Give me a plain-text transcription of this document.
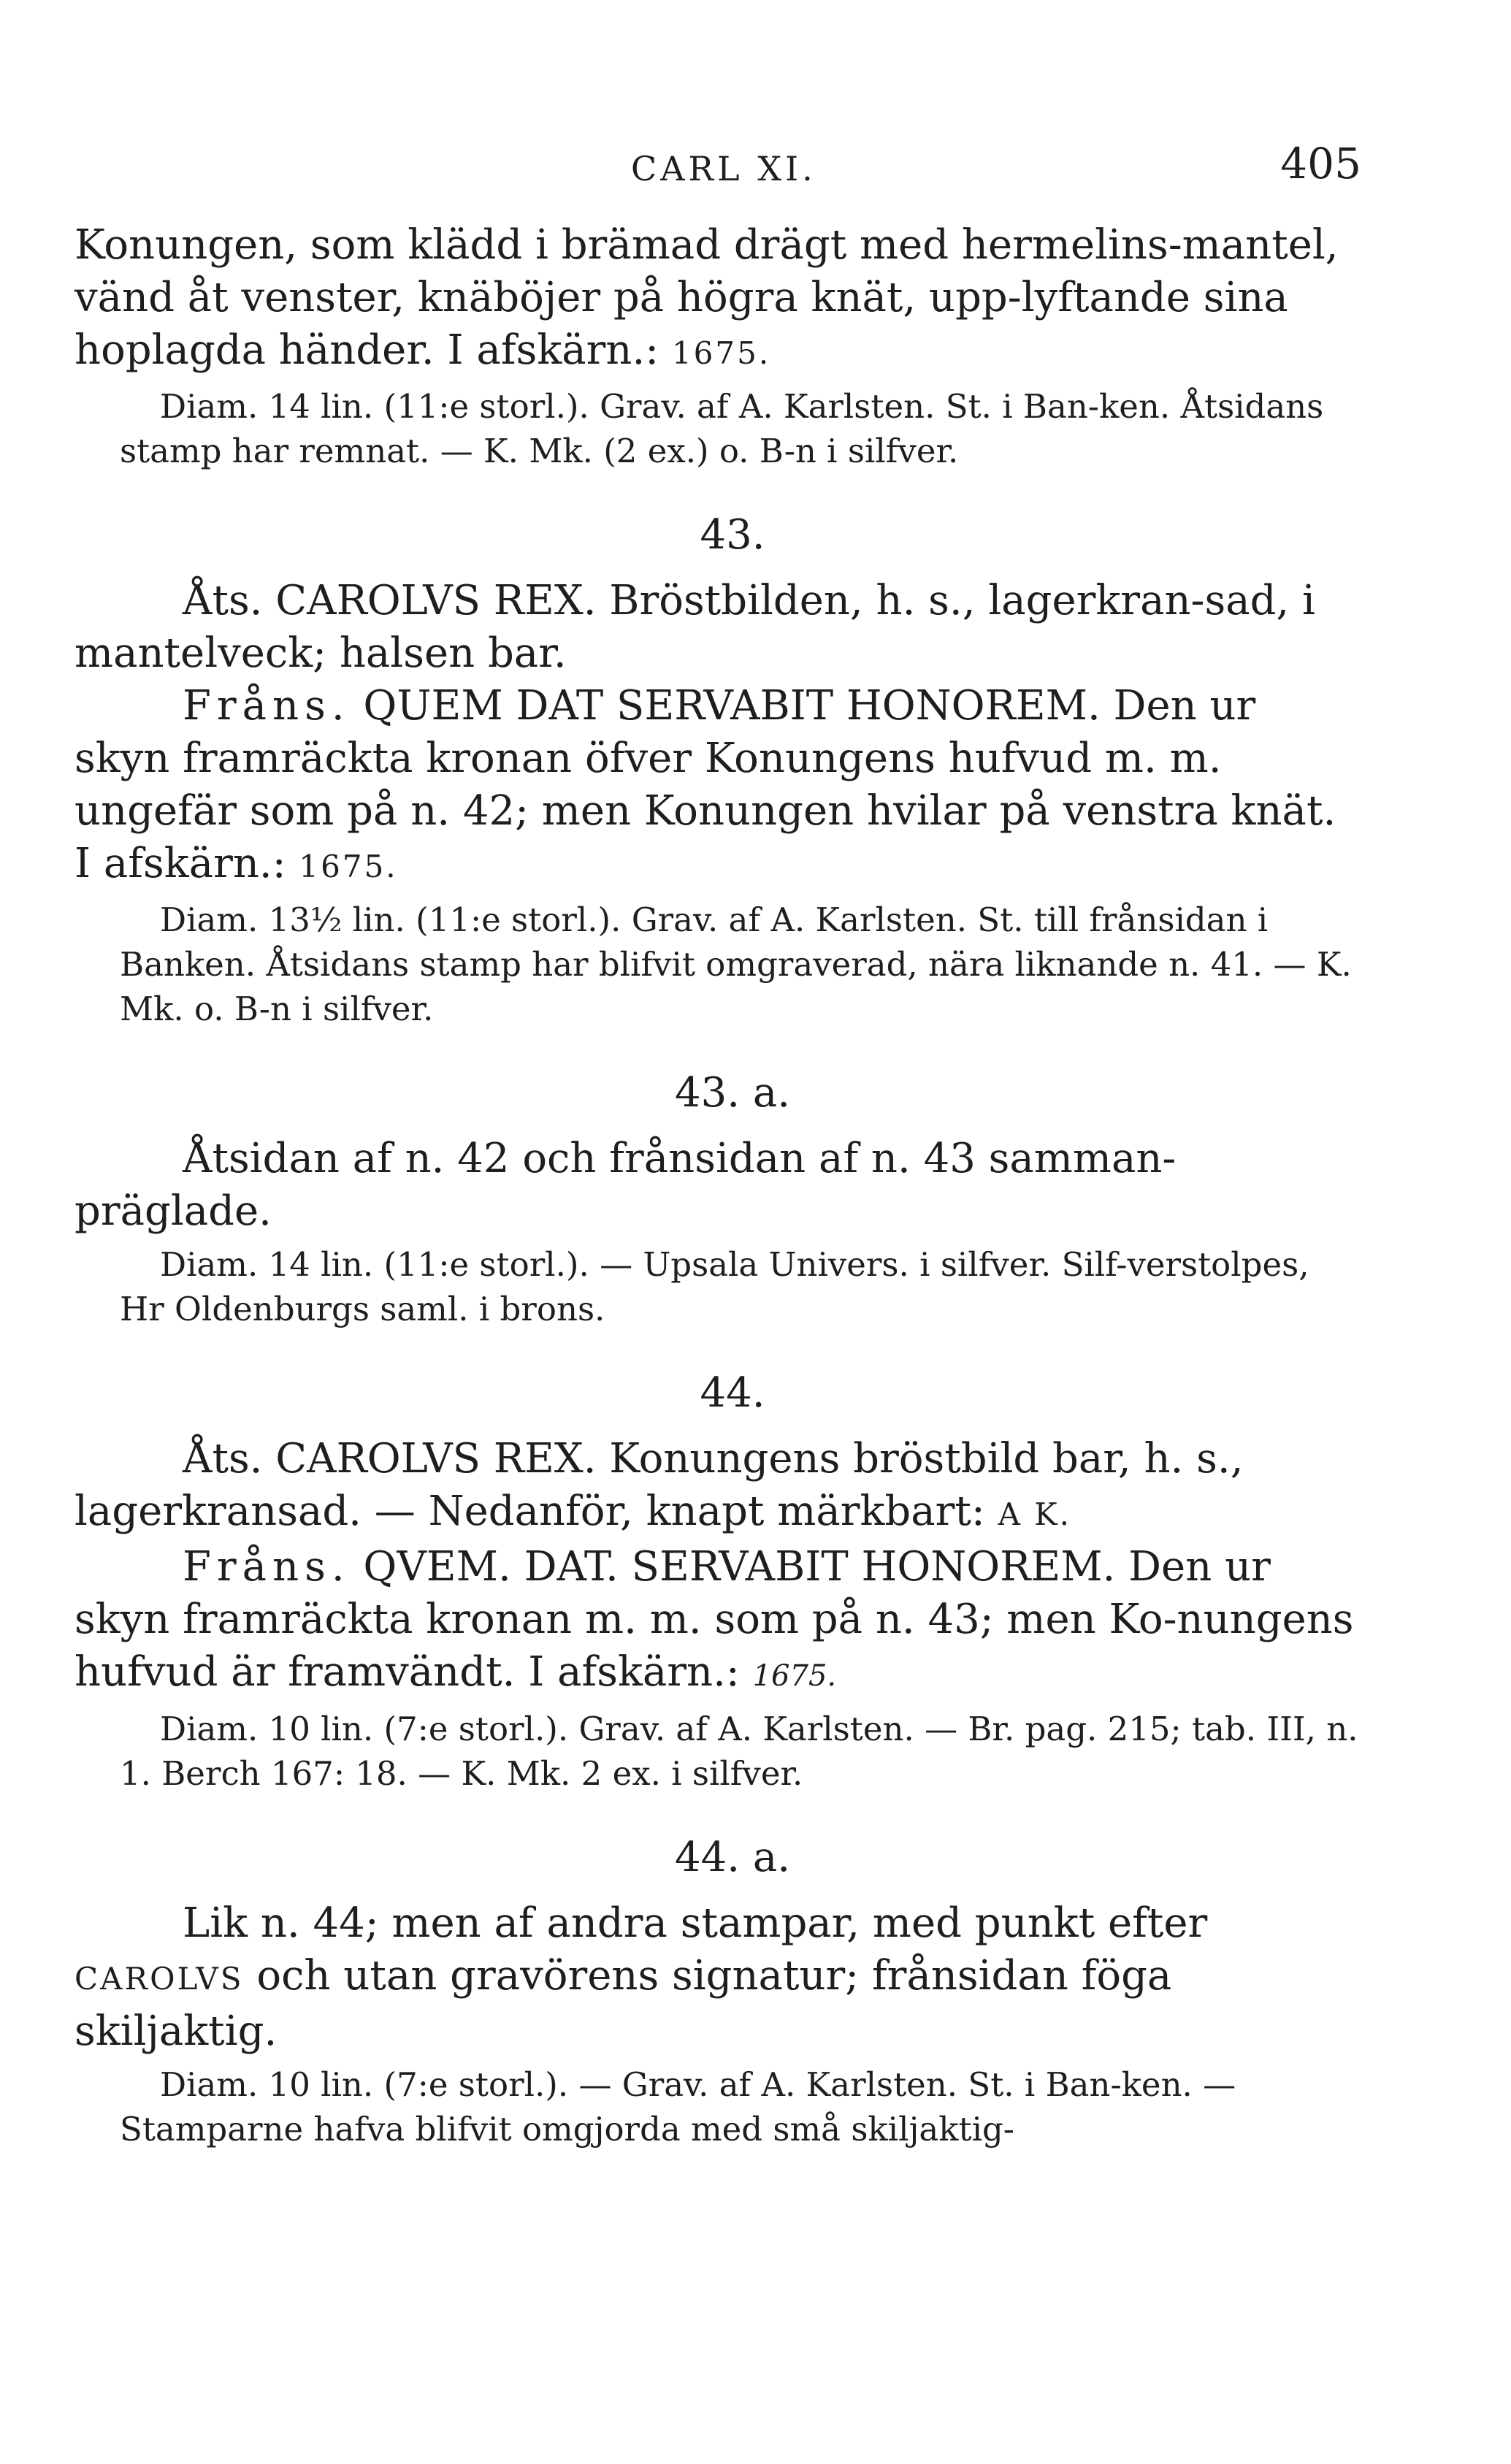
CARL XI.	405

Konungen, som klädd i brämad drägt med hermelins-mantel, vänd åt venster, knäböjer på högra knät, upp-lyftande sina hoplagda händer. I afskärn.: 1675.

Diam. 14 lin. (11:e storl.). Grav. af A. Karlsten. St. i Ban-ken. Åtsidans stamp har remnat. — K. Mk. (2 ex.) o. B-n i silfver.

43.

Åts. CAROLVS REX. Bröstbilden, h. s., lagerkran-sad, i mantelveck; halsen bar.

Fråns. QUEM DAT SERVABIT HONOREM. Den ur skyn framräckta kronan öfver Konungens hufvud m. m. ungefär som på n. 42; men Konungen hvilar på venstra knät. I afskärn.: 1675.

Diam. 13½ lin. (11:e storl.). Grav. af A. Karlsten. St. till frånsidan i Banken. Åtsidans stamp har blifvit omgraverad, nära liknande n. 41. — K. Mk. o. B-n i silfver.

43. a.

Åtsidan af n. 42 och frånsidan af n. 43 samman-präglade.

Diam. 14 lin. (11:e storl.). — Upsala Univers. i silfver. Silf-verstolpes, Hr Oldenburgs saml. i brons.

44.

Åts. CAROLVS REX. Konungens bröstbild bar, h. s., lagerkransad. — Nedanför, knapt märkbart: A K.

Fråns. QVEM. DAT. SERVABIT HONOREM. Den ur skyn framräckta kronan m. m. som på n. 43; men Ko-nungens hufvud är framvändt. I afskärn.: 1675.

Diam. 10 lin. (7:e storl.). Grav. af A. Karlsten. — Br. pag. 215; tab. III, n. 1. Berch 167: 18. — K. Mk. 2 ex. i silfver.

44. a.

Lik n. 44; men af andra stampar, med punkt efter CAROLVS och utan gravörens signatur; frånsidan föga skiljaktig.

Diam. 10 lin. (7:e storl.). — Grav. af A. Karlsten. St. i Ban-ken. — Stamparne hafva blifvit omgjorda med små skiljaktig-
